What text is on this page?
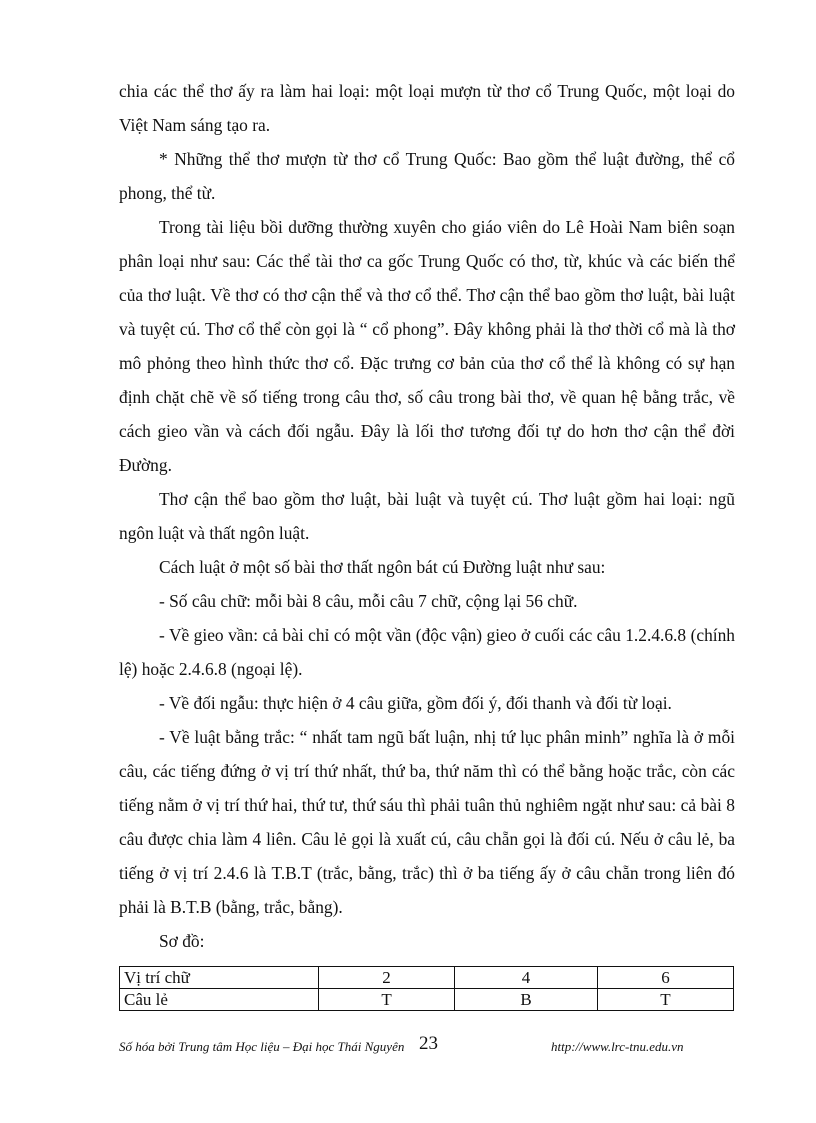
chia các thể thơ ấy ra làm hai loại: một loại mượn từ thơ cổ Trung Quốc, một loại do Việt Nam sáng tạo ra.

* Những thể thơ mượn từ thơ cổ Trung Quốc: Bao gồm thể luật đường, thể cổ phong, thể từ.

Trong tài liệu bồi dưỡng thường xuyên cho giáo viên do Lê Hoài Nam biên soạn phân loại như sau: Các thể tài thơ ca gốc Trung Quốc có thơ, từ, khúc và các biến thể của thơ luật. Về thơ có thơ cận thể và thơ cổ thể. Thơ cận thể bao gồm thơ luật, bài luật và tuyệt cú. Thơ cổ thể còn gọi là “ cổ phong”. Đây không phải là thơ thời cổ mà là thơ mô phỏng theo hình thức thơ cổ. Đặc trưng cơ bản của thơ cổ thể là không có sự hạn định chặt chẽ về số tiếng trong câu thơ, số câu trong bài thơ, về quan hệ bằng trắc, về cách gieo vần và cách đối ngẫu. Đây là lối thơ tương đối tự do hơn thơ cận thể đời Đường.

Thơ cận thể bao gồm thơ luật, bài luật và tuyệt cú. Thơ luật gồm hai loại: ngũ ngôn luật và thất ngôn luật.

Cách luật ở một số bài thơ thất ngôn bát cú Đường luật như sau:

- Số câu chữ: mỗi bài 8 câu, mỗi câu 7 chữ, cộng lại 56 chữ.

- Về gieo vần: cả bài chỉ có một vần (độc vận) gieo ở cuối các câu 1.2.4.6.8 (chính lệ) hoặc 2.4.6.8 (ngoại lệ).

- Về đối ngẫu: thực hiện ở 4 câu giữa, gồm đối ý, đối thanh và đối từ loại.

- Về luật bằng trắc: “ nhất tam ngũ bất luận, nhị tứ lục phân minh” nghĩa là ở mỗi câu, các tiếng đứng ở vị trí thứ nhất, thứ ba, thứ năm thì có thể bằng hoặc trắc, còn các tiếng nằm ở vị trí thứ hai, thứ tư, thứ sáu thì phải tuân thủ nghiêm ngặt như sau: cả bài 8 câu được chia làm 4 liên. Câu lẻ gọi là xuất cú, câu chẵn gọi là đối cú. Nếu ở câu lẻ, ba tiếng ở vị trí 2.4.6 là T.B.T (trắc, bằng, trắc) thì ở ba tiếng ấy ở câu chẵn trong liên đó phải là B.T.B (bằng, trắc, bằng).

Sơ đồ:

Vị trí chữ	2	4	6
Câu lẻ	T	B	T
Số hóa bởi Trung tâm Học liệu – Đại học Thái Nguyên 23	http://www.lrc-tnu.edu.vn
